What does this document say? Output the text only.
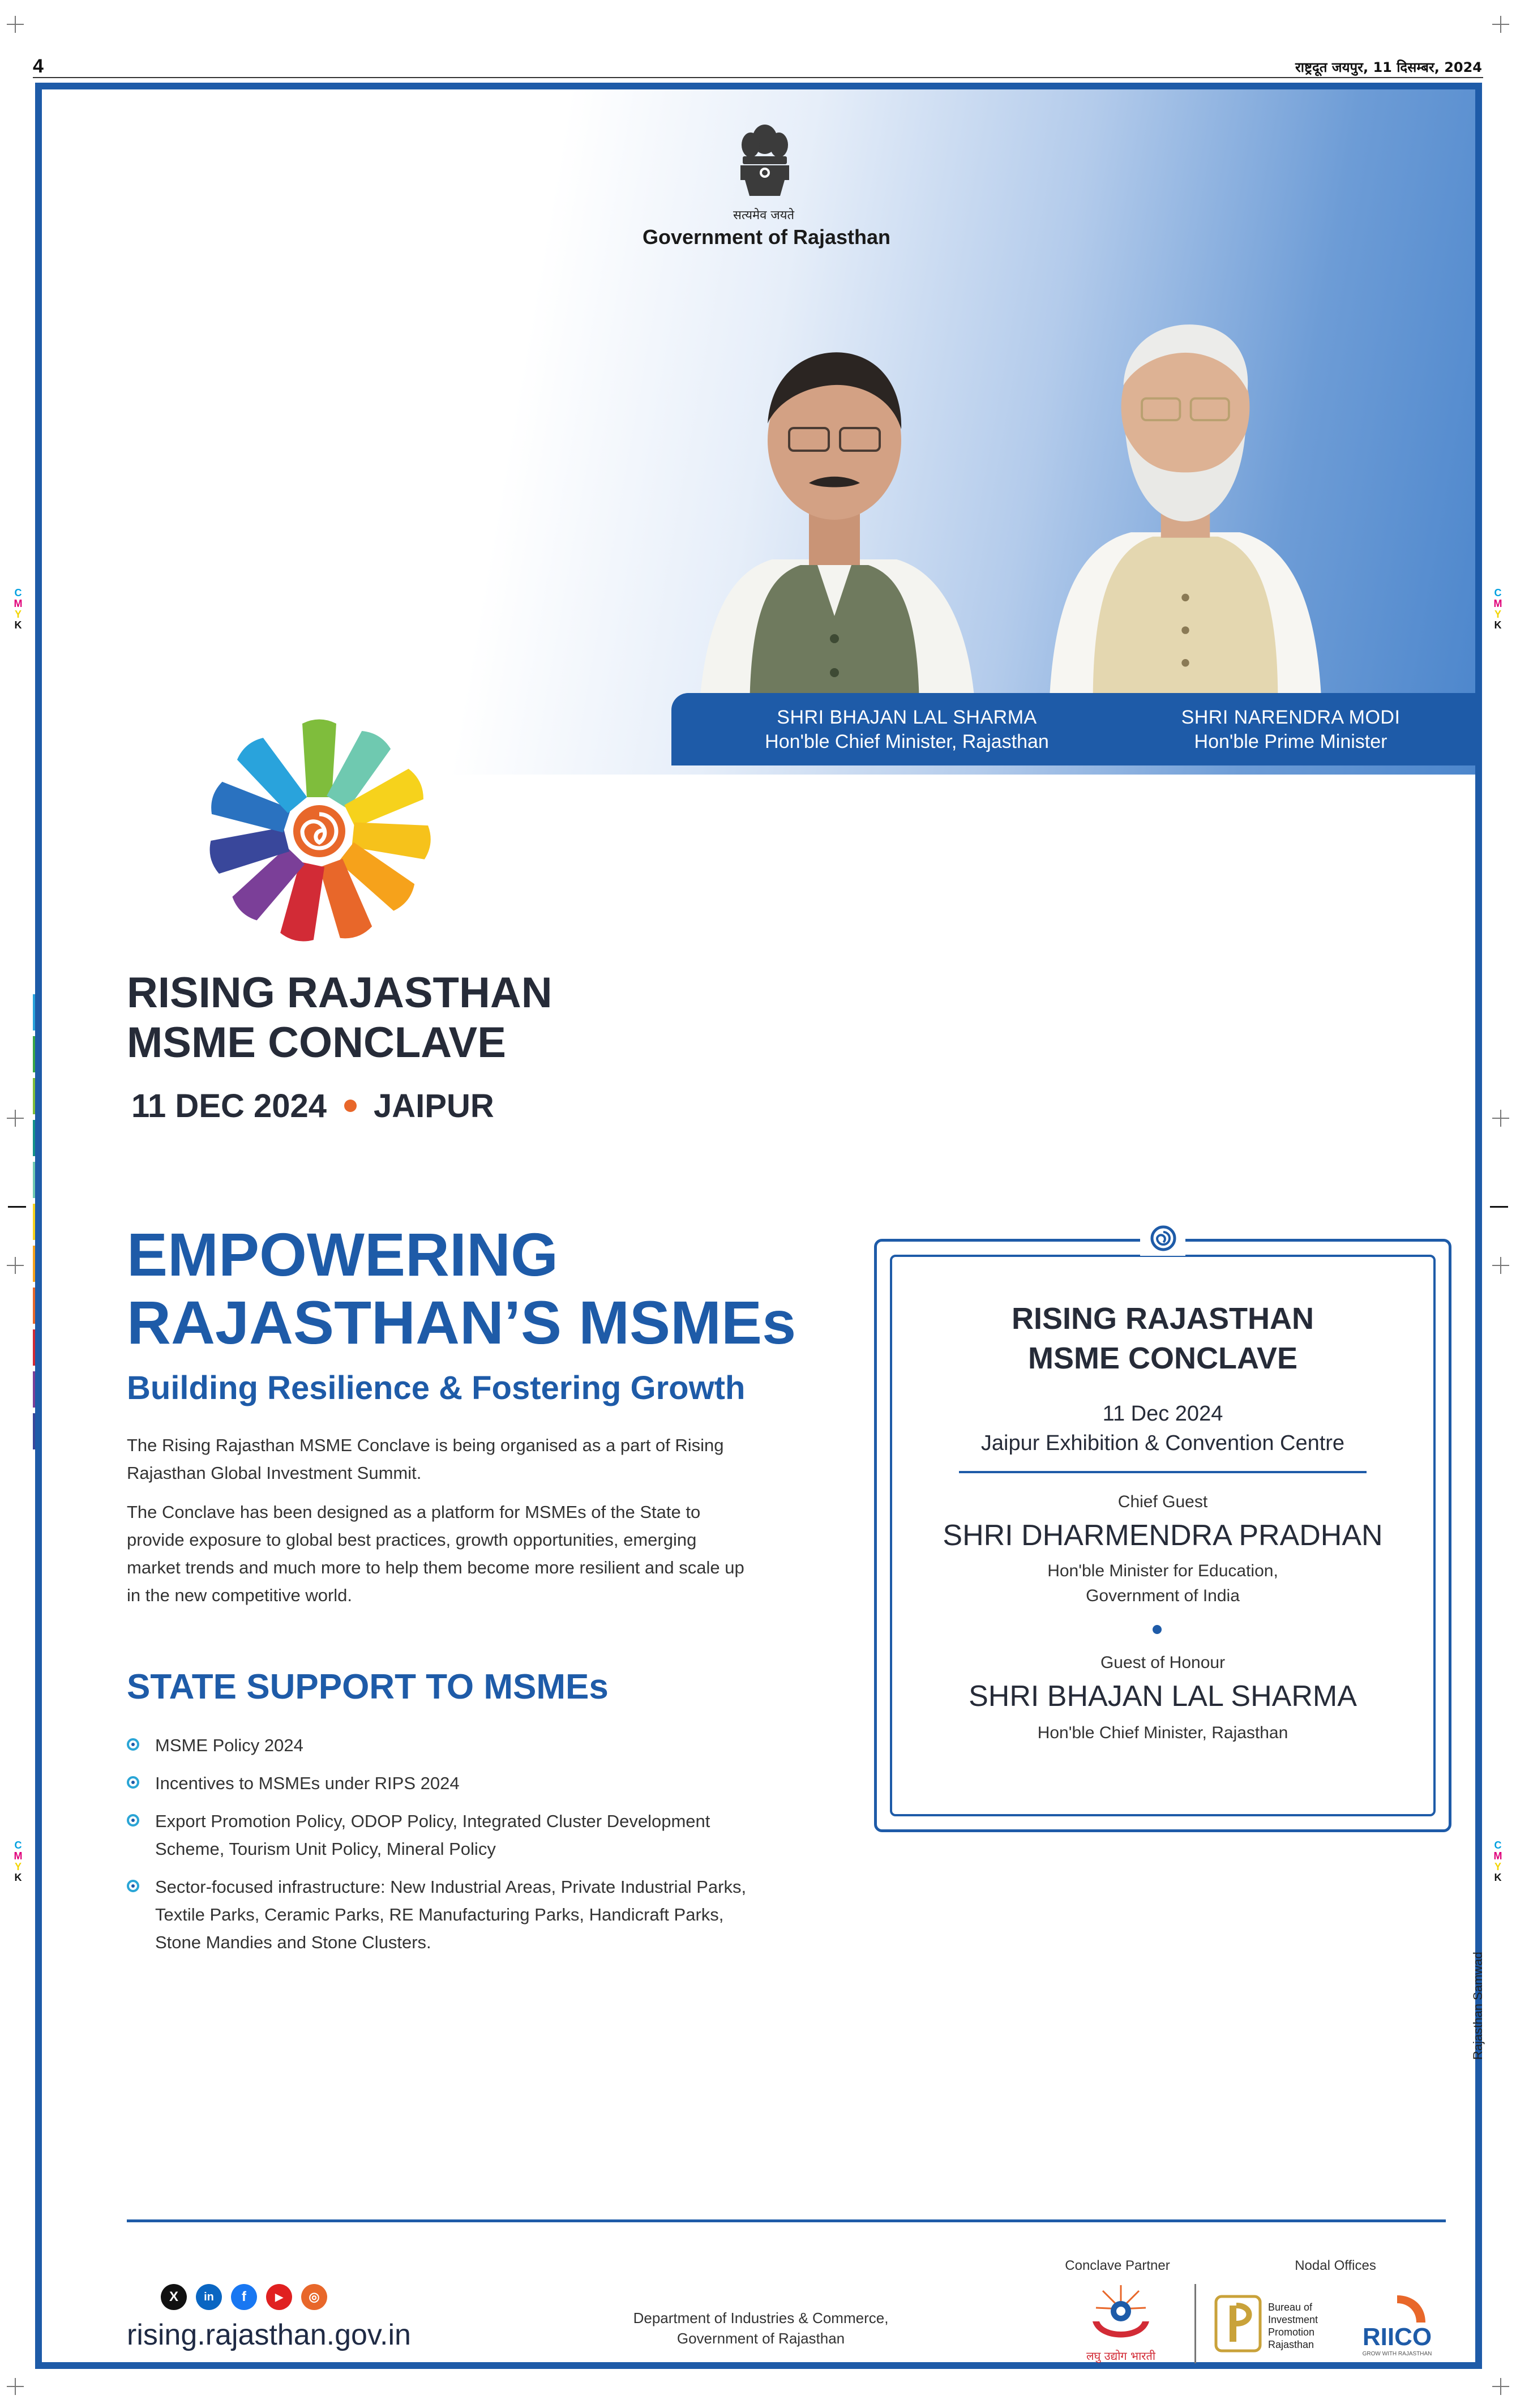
4	राष्ट्रदूत जयपुर, 11 दिसम्बर, 2024
C
M
Y
K
C
M
Y
K
C
M
Y
K
C
M
Y
K
सत्यमेव जयते
Government of Rajasthan
SHRI BHAJAN LAL SHARMA
Hon'ble Chief Minister, Rajasthan
SHRI NARENDRA MODI
Hon'ble Prime Minister
RISING RAJASTHAN
MSME CONCLAVE
11 DEC 2024 JAIPUR
EMPOWERING
RAJASTHAN’S MSMEs
Building Resilience & Fostering Growth
The Rising Rajasthan MSME Conclave is being organised as a part of Rising Rajasthan Global Investment Summit.
The Conclave has been designed as a platform for MSMEs of the State to provide exposure to global best practices, growth opportunities, emerging market trends and much more to help them become more resilient and scale up in the new competitive world.
STATE SUPPORT TO MSMEs
MSME Policy 2024
Incentives to MSMEs under RIPS 2024
Export Promotion Policy, ODOP Policy, Integrated Cluster Development Scheme, Tourism Unit Policy, Mineral Policy
Sector-focused infrastructure: New Industrial Areas, Private Industrial Parks, Textile Parks, Ceramic Parks, RE Manufacturing Parks, Handicraft Parks, Stone Mandies and Stone Clusters.
RISING RAJASTHAN
MSME CONCLAVE
11 Dec 2024
Jaipur Exhibition & Convention Centre
Chief Guest
SHRI DHARMENDRA PRADHAN
Hon'ble Minister for Education,
Government of India
Guest of Honour
SHRI BHAJAN LAL SHARMA
Hon'ble Chief Minister, Rajasthan
Rajasthan Samwad
X	in	f	▶	◎
rising.rajasthan.gov.in
Department of Industries & Commerce,
Government of Rajasthan
Conclave Partner	Nodal Offices
लघु उद्योग भारती
Bureau of
Investment
Promotion
Rajasthan RIICO
GROW WITH RAJASTHAN
